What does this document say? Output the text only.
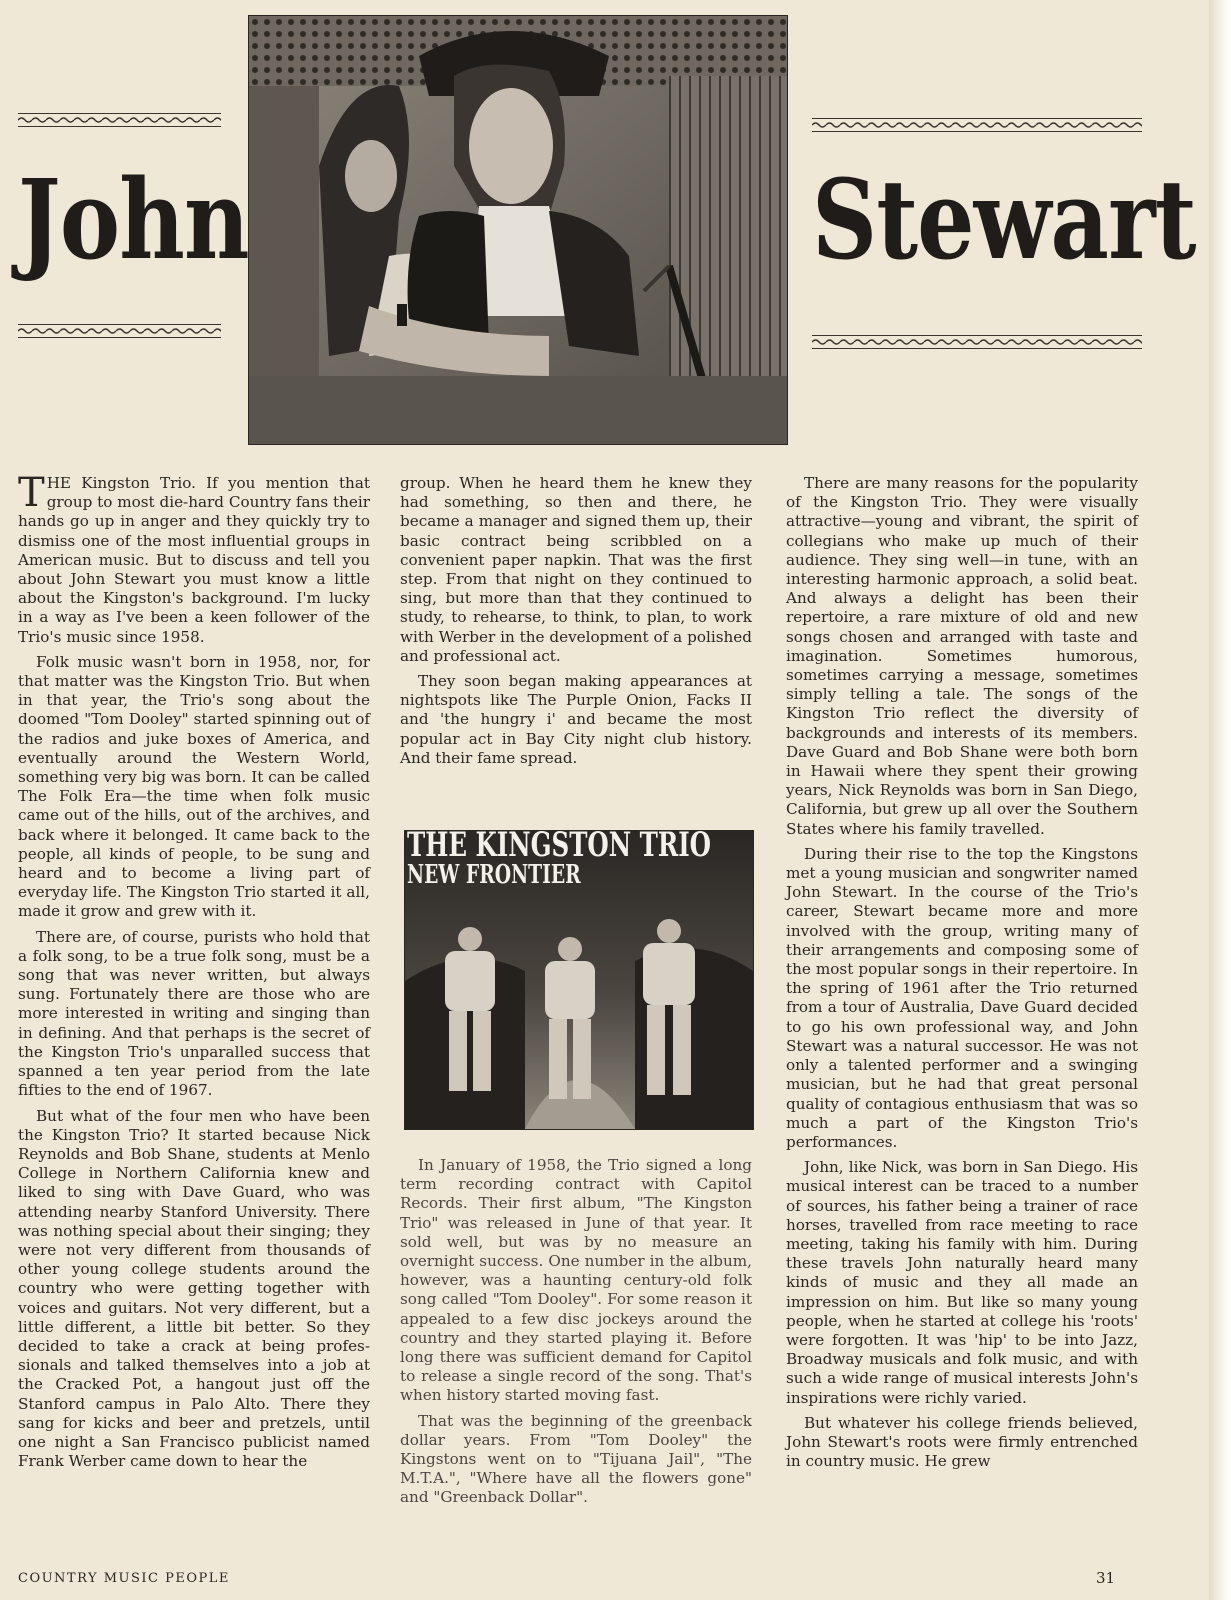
John	Stewart
THE KINGSTON TRIO
NEW FRONTIER

THE Kingston Trio. If you mention that group to most die-hard Country fans their hands go up in anger and they quickly try to dismiss one of the most influential groups in American music. But to discuss and tell you about John Stewart you must know a little about the Kingston's background. I'm lucky in a way as I've been a keen follower of the Trio's music since 1958.

Folk music wasn't born in 1958, nor, for that matter was the Kingston Trio. But when in that year, the Trio's song about the doomed "Tom Dooley" started spinning out of the radios and juke boxes of America, and eventually around the Western World, something very big was born. It can be called The Folk Era—the time when folk music came out of the hills, out of the archives, and back where it belonged. It came back to the people, all kinds of people, to be sung and heard and to become a living part of everyday life. The Kingston Trio started it all, made it grow and grew with it.

There are, of course, purists who hold that a folk song, to be a true folk song, must be a song that was never written, but always sung. Fortunately there are those who are more interested in writing and singing than in defining. And that perhaps is the secret of the Kingston Trio's unparalled success that spanned a ten year period from the late fifties to the end of 1967.

But what of the four men who have been the Kingston Trio? It started because Nick Reynolds and Bob Shane, students at Menlo College in Northern California knew and liked to sing with Dave Guard, who was attending nearby Stanford University. There was nothing special about their singing; they were not very different from thousands of other young college students around the country who were getting together with voices and guitars. Not very different, but a little different, a little bit better. So they decided to take a crack at being professionals and talked themselves into a job at the Cracked Pot, a hangout just off the Stanford campus in Palo Alto. There they sang for kicks and beer and pretzels, until one night a San Francisco publicist named Frank Werber came down to hear the

group. When he heard them he knew they had something, so then and there, he became a manager and signed them up, their basic contract being scribbled on a convenient paper napkin. That was the first step. From that night on they continued to sing, but more than that they continued to study, to rehearse, to think, to plan, to work with Werber in the development of a polished and professional act.

They soon began making appearances at nightspots like The Purple Onion, Facks II and 'the hungry i' and became the most popular act in Bay City night club history. And their fame spread.

In January of 1958, the Trio signed a long term recording contract with Capitol Records. Their first album, "The Kingston Trio" was released in June of that year. It sold well, but was by no measure an overnight success. One number in the album, however, was a haunting century-old folk song called "Tom Dooley". For some reason it appealed to a few disc jockeys around the country and they started playing it. Before long there was sufficient demand for Capitol to release a single record of the song. That's when history started moving fast.

That was the beginning of the greenback dollar years. From "Tom Dooley" the Kingstons went on to "Tijuana Jail", "The M.T.A.", "Where have all the flowers gone" and "Greenback Dollar".

There are many reasons for the popularity of the Kingston Trio. They were visually attractive—young and vibrant, the spirit of collegians who make up much of their audience. They sing well—in tune, with an interesting harmonic approach, a solid beat. And always a delight has been their repertoire, a rare mixture of old and new songs chosen and arranged with taste and imagination. Sometimes humorous, sometimes carrying a message, sometimes simply telling a tale. The songs of the Kingston Trio reflect the diversity of backgrounds and interests of its members. Dave Guard and Bob Shane were both born in Hawaii where they spent their growing years, Nick Reynolds was born in San Diego, California, but grew up all over the Southern States where his family travelled.

During their rise to the top the Kingstons met a young musician and songwriter named John Stewart. In the course of the Trio's career, Stewart became more and more involved with the group, writing many of their arrangements and composing some of the most popular songs in their repertoire. In the spring of 1961 after the Trio returned from a tour of Australia, Dave Guard decided to go his own professional way, and John Stewart was a natural successor. He was not only a talented performer and a swinging musician, but he had that great personal quality of contagious enthusiasm that was so much a part of the Kingston Trio's performances.

John, like Nick, was born in San Diego. His musical interest can be traced to a number of sources, his father being a trainer of race horses, travelled from race meeting to race meeting, taking his family with him. During these travels John naturally heard many kinds of music and they all made an impression on him. But like so many young people, when he started at college his 'roots' were forgotten. It was 'hip' to be into Jazz, Broadway musicals and folk music, and with such a wide range of musical interests John's inspirations were richly varied.

But whatever his college friends believed, John Stewart's roots were firmly entrenched in country music. He grew

COUNTRY MUSIC PEOPLE	31
